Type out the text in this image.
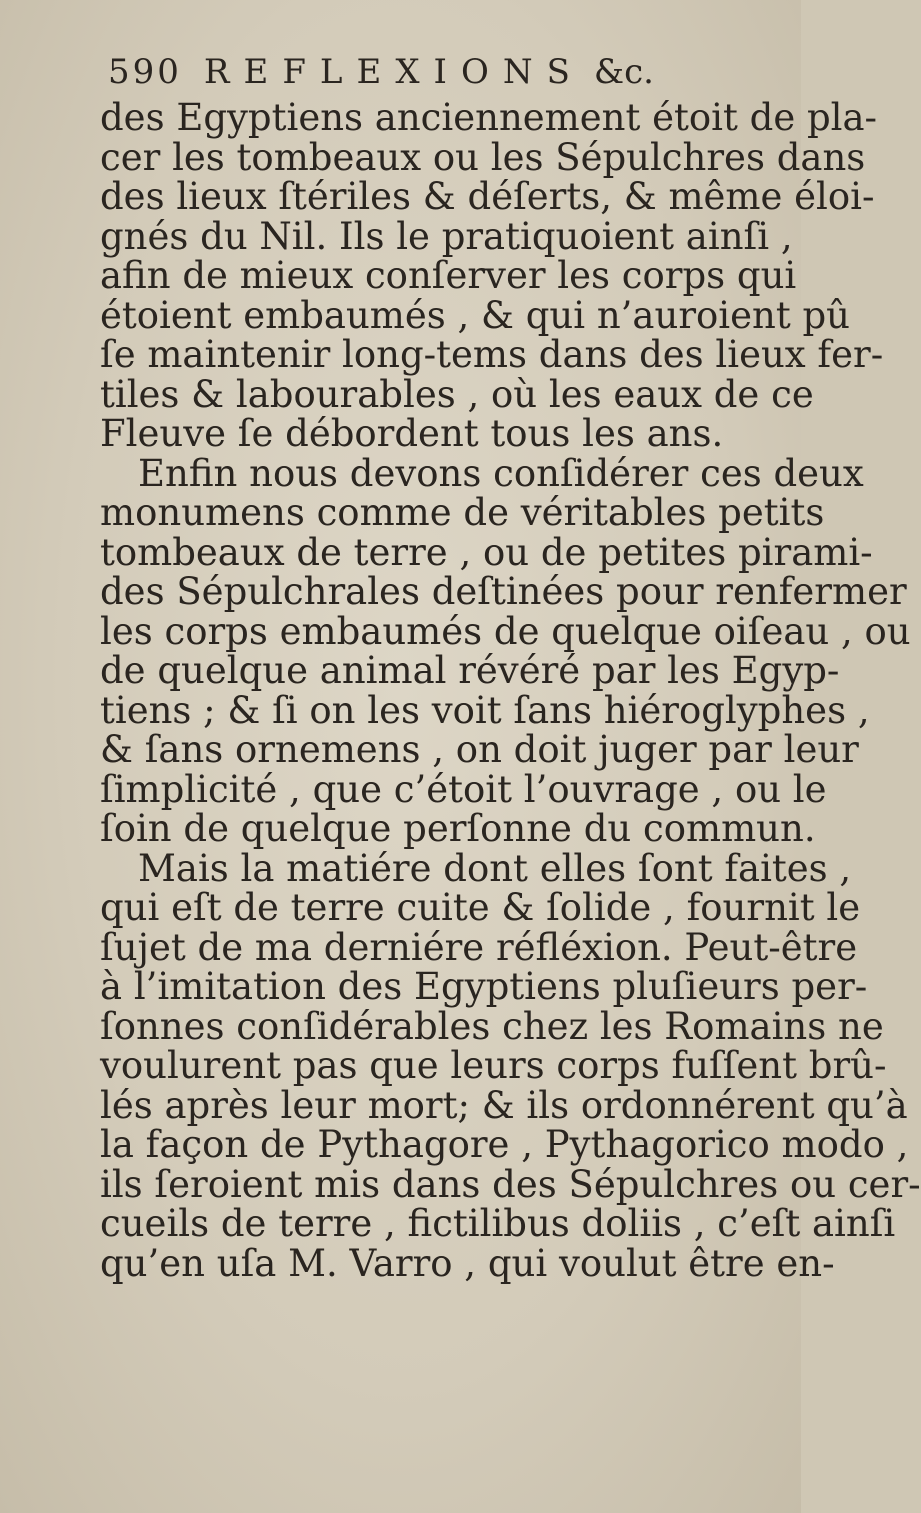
590 REFLEXIONS &c.
des Egyptiens anciennement étoit de pla-
cer les tombeaux ou les Sépulchres dans
des lieux ſtériles & déſerts, & même éloi-
gnés du Nil. Ils le pratiquoient ainſi ,
afin de mieux conſerver les corps qui
étoient embaumés , & qui n’auroient pû
ſe maintenir long-tems dans des lieux fer-
tiles & labourables , où les eaux de ce
Fleuve ſe débordent tous les ans.
Enfin nous devons conſidérer ces deux
monumens comme de véritables petits
tombeaux de terre , ou de petites pirami-
des Sépulchrales deſtinées pour renfermer
les corps embaumés de quelque oiſeau , ou
de quelque animal révéré par les Egyp-
tiens ; & ſi on les voit ſans hiéroglyphes ,
& ſans ornemens , on doit juger par leur
ſimplicité , que c’étoit l’ouvrage , ou le
ſoin de quelque perſonne du commun.
Mais la matiére dont elles ſont faites ,
qui eſt de terre cuite & ſolide , fournit le
ſujet de ma derniére réfléxion. Peut-être
à l’imitation des Egyptiens pluſieurs per-
ſonnes conſidérables chez les Romains ne
voulurent pas que leurs corps fuſſent brû-
lés après leur mort; & ils ordonnérent qu’à
la façon de Pythagore , Pythagorico modo ,
ils ſeroient mis dans des Sépulchres ou cer-
cueils de terre , fictilibus doliis , c’eſt ainſi
qu’en uſa M. Varro , qui voulut être en-
